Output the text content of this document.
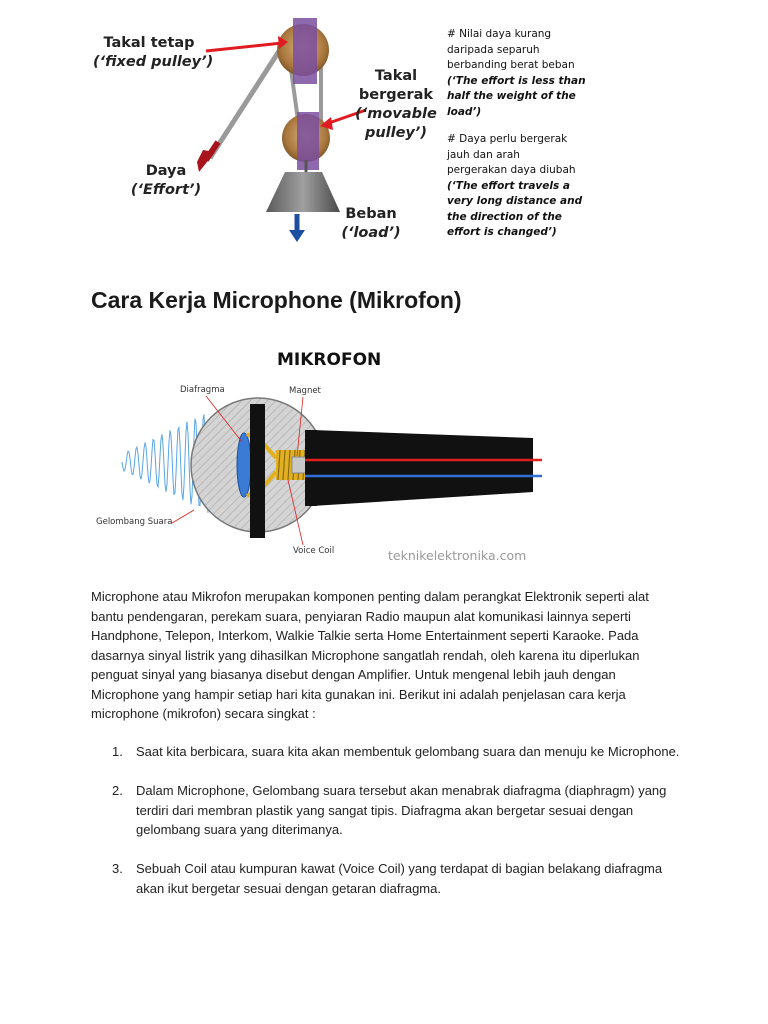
Takal tetap
(‘fixed pulley’)
Takal
bergerak
(‘movable
pulley’)
Daya
(‘Effort’)
Beban
(‘load’)

# Nilai daya kurang

daripada separuh

berbanding berat beban

(‘The effort is less than

half the weight of the

load’)

# Daya perlu bergerak

jauh dan arah

pergerakan daya diubah

(‘The effort travels a

very long distance and

the direction of the

effort is changed’)

Cara Kerja Microphone (Mikrofon)
MIKROFON
Diafragma	Magnet
Gelombang Suara
Voice Coil	teknikelektronika.com

Microphone atau Mikrofon merupakan komponen penting dalam perangkat Elektronik seperti alat bantu pendengaran, perekam suara, penyiaran Radio maupun alat komunikasi lainnya seperti Handphone, Telepon, Interkom, Walkie Talkie serta Home Entertainment seperti Karaoke. Pada dasarnya sinyal listrik yang dihasilkan Microphone sangatlah rendah, oleh karena itu diperlukan penguat sinyal yang biasanya disebut dengan Amplifier. Untuk mengenal lebih jauh dengan Microphone yang hampir setiap hari kita gunakan ini. Berikut ini adalah penjelasan cara kerja microphone (mikrofon) secara singkat :

1. Saat kita berbicara, suara kita akan membentuk gelombang suara dan menuju ke Microphone.
2. Dalam Microphone, Gelombang suara tersebut akan menabrak diafragma (diaphragm) yang terdiri dari membran plastik yang sangat tipis. Diafragma akan bergetar sesuai dengan gelombang suara yang diterimanya.
3. Sebuah Coil atau kumpuran kawat (Voice Coil) yang terdapat di bagian belakang diafragma akan ikut bergetar sesuai dengan getaran diafragma.
